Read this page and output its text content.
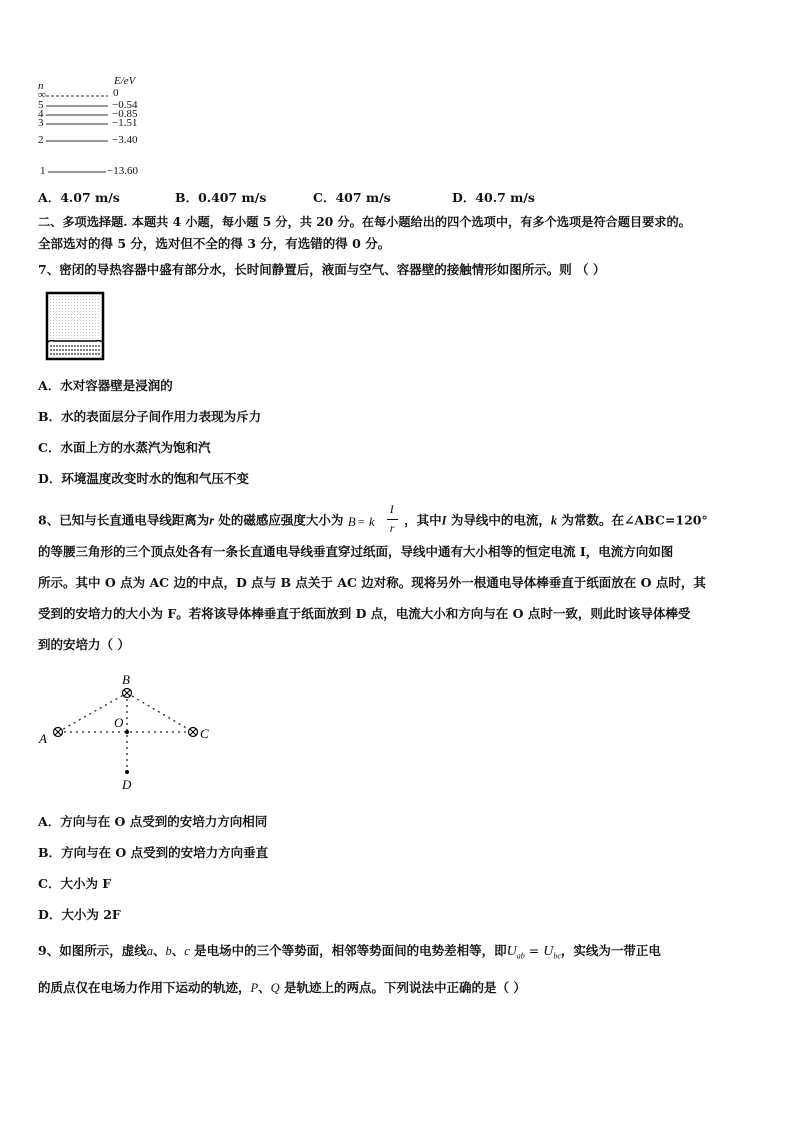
n	E/eV
∞	0
5	−0.54
4	−0.85
3	−1.51
2	−3.40
1	−13.60
A．4.07 m/s	B．0.407 m/s	C．407 m/s	D．40.7 m/s
二、多项选择题. 本题共 4 小题，每小题 5 分，共 20 分。在每小题给出的四个选项中，有多个选项是符合题目要求的。
全部选对的得 5 分，选对但不全的得 3 分，有选错的得 0 分。
7、密闭的导热容器中盛有部分水，长时间静置后，液面与空气、容器壁的接触情形如图所示。则 （ ）
A．水对容器壁是浸润的
B．水的表面层分子间作用力表现为斥力
C．水面上方的水蒸汽为饱和汽
D．环境温度改变时水的饱和气压不变
8、已知与长直通电导线距离为r 处的磁感应强度大小为 B = k
I
r
，其中I 为导线中的电流，k 为常数。在∠ABC=120°
的等腰三角形的三个顶点处各有一条长直通电导线垂直穿过纸面，导线中通有大小相等的恒定电流 I，电流方向如图
所示。其中 O 点为 AC 边的中点，D 点与 B 点关于 AC 边对称。现将另外一根通电导体棒垂直于纸面放在 O 点时，其
受到的安培力的大小为 F。若将该导体棒垂直于纸面放到 D 点，电流大小和方向与在 O 点时一致，则此时该导体棒受
到的安培力（ ）
B
A	C
O
D
A．方向与在 O 点受到的安培力方向相同
B．方向与在 O 点受到的安培力方向垂直
C．大小为 F
D．大小为 2F
9、如图所示，虚线a、b、c 是电场中的三个等势面，相邻等势面间的电势差相等，即$U_{ab} = U_{bc}$，实线为一带正电
的质点仅在电场力作用下运动的轨迹，P、Q 是轨迹上的两点。下列说法中正确的是（ ）
